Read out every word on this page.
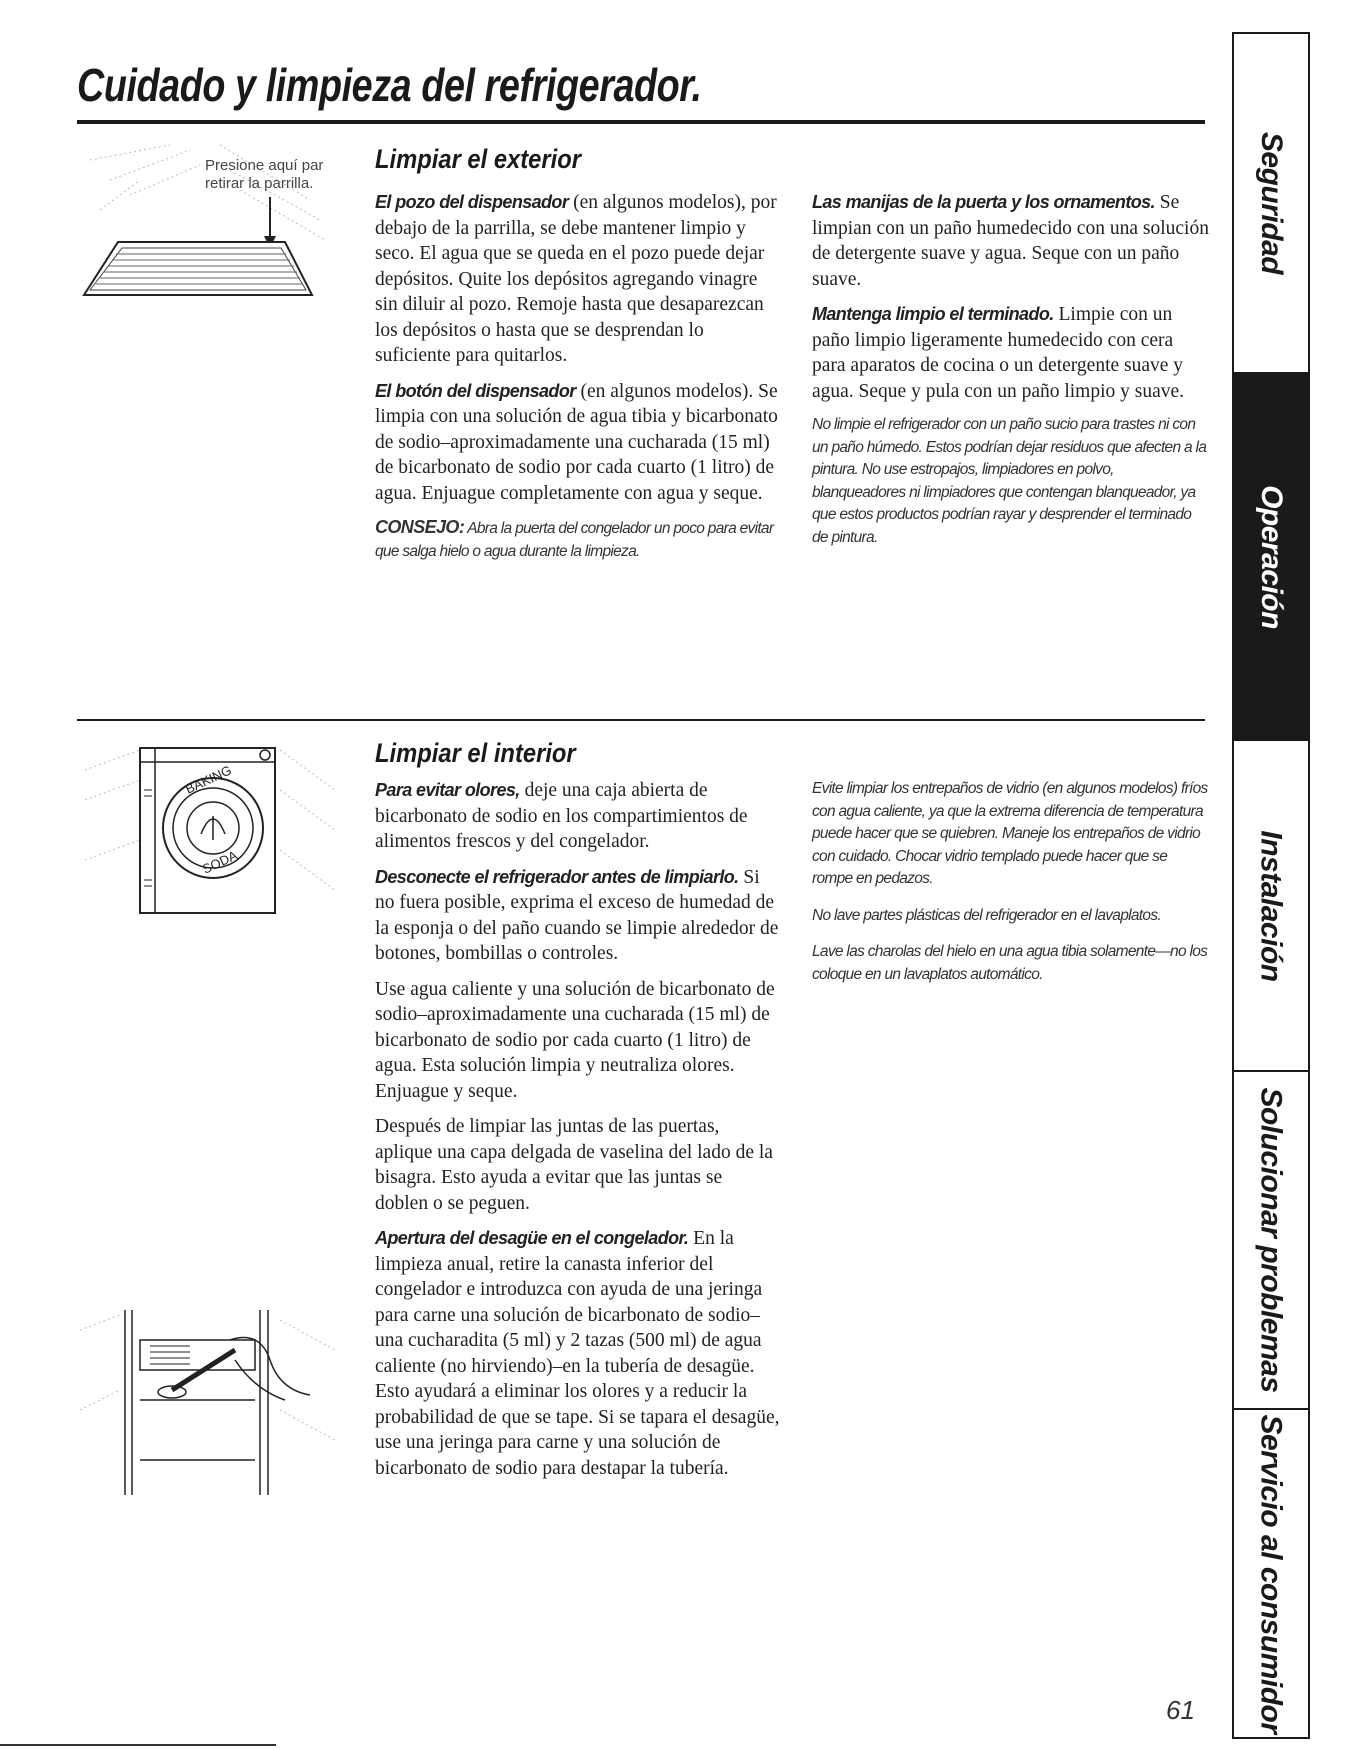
Cuidado y limpieza del refrigerador.
Presione aquí par
retirar la parrilla.
Limpiar el exterior

El pozo del dispensador (en algunos modelos), por debajo de la parrilla, se debe mantener limpio y seco. El agua que se queda en el pozo puede dejar depósitos. Quite los depósitos agregando vinagre sin diluir al pozo. Remoje hasta que desaparezcan los depósitos o hasta que se desprendan lo suficiente para quitarlos.

El botón del dispensador (en algunos modelos). Se limpia con una solución de agua tibia y bicarbonato de sodio–aproximadamente una cucharada (15 ml) de bicarbonato de sodio por cada cuarto (1 litro) de agua. Enjuague completamente con agua y seque.

CONSEJO: Abra la puerta del congelador un poco para evitar que salga hielo o agua durante la limpieza.

Las manijas de la puerta y los ornamentos. Se limpian con un paño humedecido con una solución de detergente suave y agua. Seque con un paño suave.

Mantenga limpio el terminado. Limpie con un paño limpio ligeramente humedecido con cera para aparatos de cocina o un detergente suave y agua. Seque y pula con un paño limpio y suave.

No limpie el refrigerador con un paño sucio para trastes ni con un paño húmedo. Estos podrían dejar residuos que afecten a la pintura. No use estropajos, limpiadores en polvo, blanqueadores ni limpiadores que contengan blanqueador, ya que estos productos podrían rayar y desprender el terminado de pintura.

BAKING
SODA
Limpiar el interior

Para evitar olores, deje una caja abierta de bicarbonato de sodio en los compartimientos de alimentos frescos y del congelador.

Desconecte el refrigerador antes de limpiarlo. Si no fuera posible, exprima el exceso de humedad de la esponja o del paño cuando se limpie alrededor de botones, bombillas o controles.

Use agua caliente y una solución de bicarbonato de sodio–aproximadamente una cucharada (15 ml) de bicarbonato de sodio por cada cuarto (1 litro) de agua. Esta solución limpia y neutraliza olores. Enjuague y seque.

Después de limpiar las juntas de las puertas, aplique una capa delgada de vaselina del lado de la bisagra. Esto ayuda a evitar que las juntas se doblen o se peguen.

Apertura del desagüe en el congelador. En la limpieza anual, retire la canasta inferior del congelador e introduzca con ayuda de una jeringa para carne una solución de bicarbonato de sodio–una cucharadita (5 ml) y 2 tazas (500 ml) de agua caliente (no hirviendo)–en la tubería de desagüe. Esto ayudará a eliminar los olores y a reducir la probabilidad de que se tape. Si se tapara el desagüe, use una jeringa para carne y una solución de bicarbonato de sodio para destapar la tubería.

Evite limpiar los entrepaños de vidrio (en algunos modelos) fríos con agua caliente, ya que la extrema diferencia de temperatura puede hacer que se quiebren. Maneje los entrepaños de vidrio con cuidado. Chocar vidrio templado puede hacer que se rompe en pedazos.

No lave partes plásticas del refrigerador en el lavaplatos.

Lave las charolas del hielo en una agua tibia solamente—no los coloque en un lavaplatos automático.

Seguridad
Operación
Instalación
Solucionar problemas
Servicio al consumidor
61
